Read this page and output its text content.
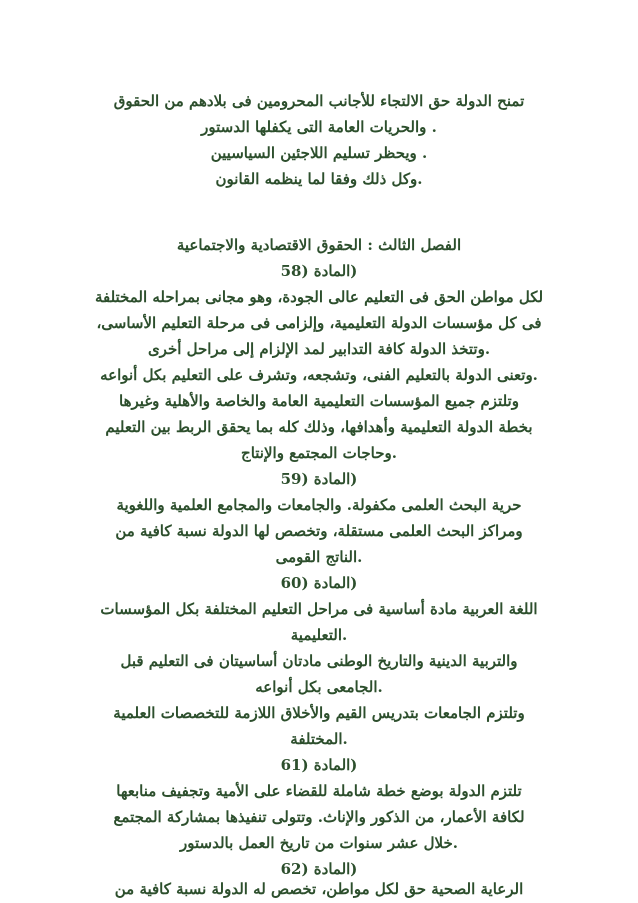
تمنح الدولة حق الالتجاء للأجانب المحرومين فى بلادهم من الحقوق
. والحريات العامة التى يكفلها الدستور
. ويحظر تسليم اللاجئين السياسيين
.وكل ذلك وفقا لما ينظمه القانون
الفصل الثالث : الحقوق الاقتصادية والاجتماعية
(المادة (58
لكل مواطن الحق فى التعليم عالى الجودة، وهو مجانى بمراحله المختلفة
فى كل مؤسسات الدولة التعليمية، وإلزامى فى مرحلة التعليم الأساسى،
.وتتخذ الدولة كافة التدابير لمد الإلزام إلى مراحل أخرى
.وتعنى الدولة بالتعليم الفنى، وتشجعه، وتشرف على التعليم بكل أنواعه
وتلتزم جميع المؤسسات التعليمية العامة والخاصة والأهلية وغيرها
بخطة الدولة التعليمية وأهدافها، وذلك كله بما يحقق الربط بين التعليم
.وحاجات المجتمع والإنتاج
(المادة (59
حرية البحث العلمى مكفولة. والجامعات والمجامع العلمية واللغوية
ومراكز البحث العلمى مستقلة، وتخصص لها الدولة نسبة كافية من
.الناتج القومى
(المادة (60
اللغة العربية مادة أساسية فى مراحل التعليم المختلفة بكل المؤسسات
.التعليمية
والتربية الدينية والتاريخ الوطنى مادتان أساسيتان فى التعليم قبل
.الجامعى بكل أنواعه
وتلتزم الجامعات بتدريس القيم والأخلاق اللازمة للتخصصات العلمية
.المختلفة
(المادة (61
تلتزم الدولة بوضع خطة شاملة للقضاء على الأمية وتجفيف منابعها
لكافة الأعمار، من الذكور والإناث. وتتولى تنفيذها بمشاركة المجتمع
.خلال عشر سنوات من تاريخ العمل بالدستور
(المادة (62
الرعاية الصحية حق لكل مواطن، تخصص له الدولة نسبة كافية من
